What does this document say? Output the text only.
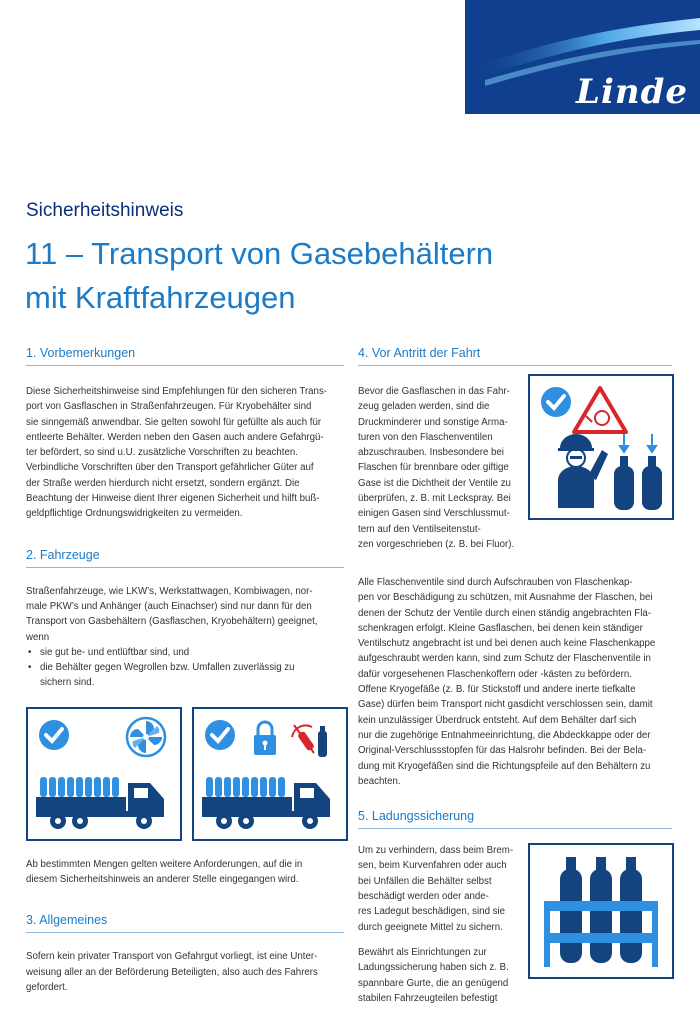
Linde
Sicherheitshinweis
11 – Transport von Gasebehältern
mit Kraftfahrzeugen
1. Vorbemerkungen
Diese Sicherheitshinweise sind Empfehlungen für den sicheren Trans-
port von Gasflaschen in Straßenfahrzeugen. Für Kryobehälter sind
sie sinngemäß anwendbar. Sie gelten sowohl für gefüllte als auch für
entleerte Behälter. Werden neben den Gasen auch andere Gefahrgü-
ter befördert, so sind u.U. zusätzliche Vorschriften zu beachten.
Verbindliche Vorschriften über den Transport gefährlicher Güter auf
der Straße werden hierdurch nicht ersetzt, sondern ergänzt. Die
Beachtung der Hinweise dient Ihrer eigenen Sicherheit und hilft buß-
geldpflichtige Ordnungswidrigkeiten zu vermeiden.
2. Fahrzeuge
Straßenfahrzeuge, wie LKW’s, Werkstattwagen, Kombiwagen, nor-
male PKW’s und Anhänger (auch Einachser) sind nur dann für den
Transport von Gasbehältern (Gasflaschen, Kryobehältern) geeignet,
wenn
• sie gut be- und entlüftbar sind, und
• die Behälter gegen Wegrollen bzw. Umfallen zuverlässig zu sichern sind.
Ab bestimmten Mengen gelten weitere Anforderungen, auf die in
diesem Sicherheitshinweis an anderer Stelle eingegangen wird.
3. Allgemeines
Sofern kein privater Transport von Gefahrgut vorliegt, ist eine Unter-
weisung aller an der Beförderung Beteiligten, also auch des Fahrers
gefordert.
4. Vor Antritt der Fahrt
Bevor die Gasflaschen in das Fahr-
zeug geladen werden, sind die
Druckminderer und sonstige Arma-
turen von den Flaschenventilen
abzuschrauben. Insbesondere bei
Flaschen für brennbare oder giftige
Gase ist die Dichtheit der Ventile zu
überprüfen, z. B. mit Leckspray. Bei
einigen Gasen sind Verschlussmut-
tern auf den Ventilseitenstut-
zen vorgeschrieben (z. B. bei Fluor).
Alle Flaschenventile sind durch Aufschrauben von Flaschenkap-
pen vor Beschädigung zu schützen, mit Ausnahme der Flaschen, bei
denen der Schutz der Ventile durch einen ständig angebrachten Fla-
schenkragen erfolgt. Kleine Gasflaschen, bei denen kein ständiger
Ventilschutz angebracht ist und bei denen auch keine Flaschenkappe
aufgeschraubt werden kann, sind zum Schutz der Flaschenventile in
dafür vorgesehenen Flaschenkoffern oder -kästen zu befördern.
Offene Kryogefäße (z. B. für Stickstoff und andere inerte tiefkalte
Gase) dürfen beim Transport nicht gasdicht verschlossen sein, damit
kein unzulässiger Überdruck entsteht. Auf dem Behälter darf sich
nur die zugehörige Entnahmeeinrichtung, die Abdeckkappe oder der
Original-Verschlussstopfen für das Halsrohr befinden. Bei der Bela-
dung mit Kryogefäßen sind die Richtungspfeile auf den Behältern zu
beachten.
5. Ladungssicherung
Um zu verhindern, dass beim Brem-
sen, beim Kurvenfahren oder auch
bei Unfällen die Behälter selbst
beschädigt werden oder ande-
res Ladegut beschädigen, sind sie
durch geeignete Mittel zu sichern.
Bewährt als Einrichtungen zur
Ladungssicherung haben sich z. B.
spannbare Gurte, die an genügend
stabilen Fahrzeugteilen befestigt
